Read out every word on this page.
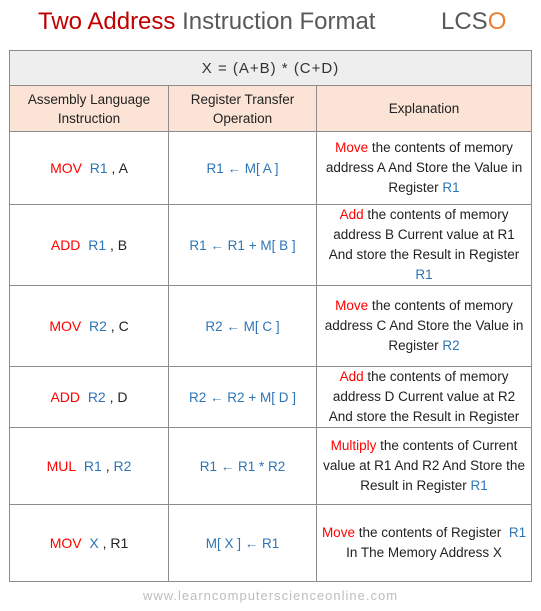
Two Address Instruction Format	LCSO
X = (A+B) * (C+D)		
Assembly Language Instruction	Register Transfer Operation	Explanation
MOV R1 , A	R1 ← M[ A ]	Move the contents of memory address A And Store the Value in Register R1
ADD R1 , B	R1 ← R1 + M[ B ]	Add the contents of memory address B Current value at R1 And store the Result in Register R1
MOV R2 , C	R2 ← M[ C ]	Move the contents of memory address C And Store the Value in Register R2
ADD R2 , D	R2 ← R2 + M[ D ]	Add the contents of memory address D Current value at R2 And store the Result in Register
MUL R1 , R2	R1 ← R1 * R2	Multiply the contents of Current value at R1 And R2 And Store the Result in Register R1
MOV X , R1	M[ X ] ← R1	Move the contents of Register R1
In The Memory Address X
www.learncomputerscienceonline.com
